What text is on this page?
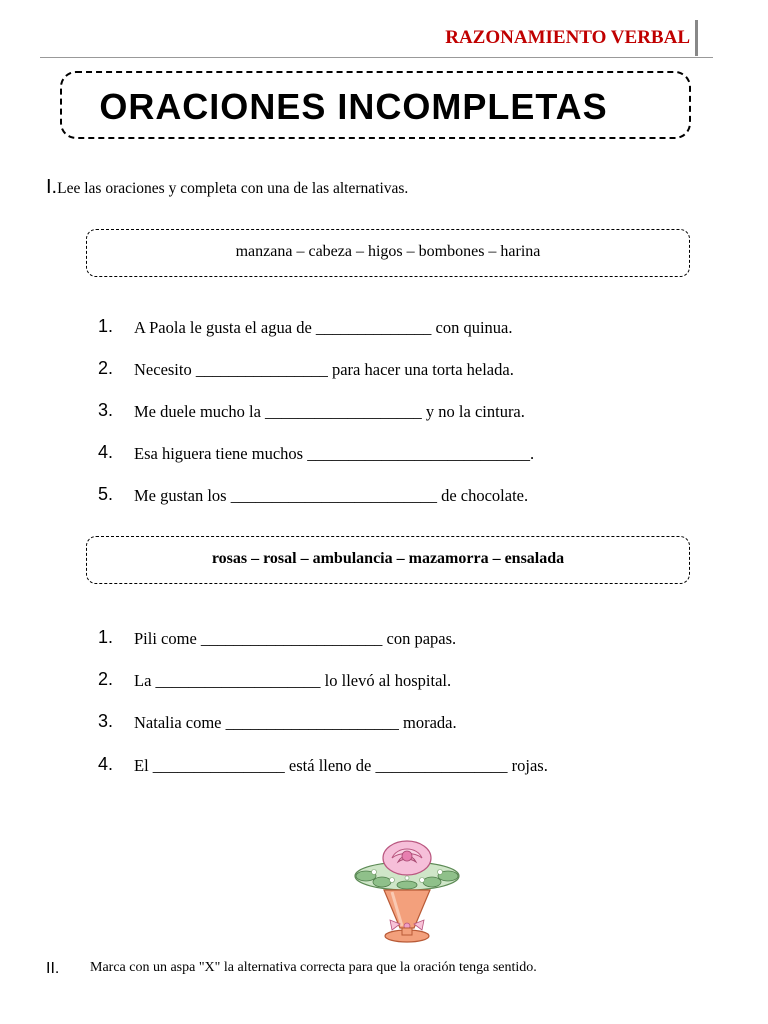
RAZONAMIENTO VERBAL
ORACIONES INCOMPLETAS
I.Lee las oraciones y completa con una de las alternativas.
manzana – cabeza – higos – bombones – harina
1. A Paola le gusta el agua de ______________ con quinua.
2. Necesito ________________ para hacer una torta helada.
3. Me duele mucho la ___________________ y no la cintura.
4. Esa higuera tiene muchos ___________________________.
5. Me gustan los _________________________ de chocolate.
rosas – rosal – ambulancia – mazamorra – ensalada
1. Pili come ______________________ con papas.
2. La ____________________ lo llevó al hospital.
3. Natalia come _____________________ morada.
4. El ________________ está lleno de ________________ rojas.
II. Marca con un aspa "X" la alternativa correcta para que la oración tenga sentido.
